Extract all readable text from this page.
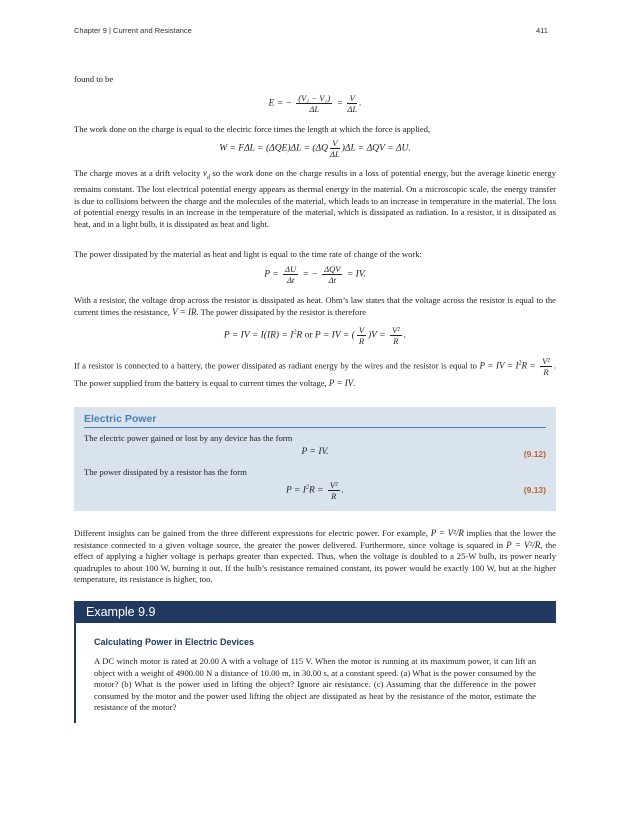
Chapter 9 | Current and Resistance	411
found to be
E = − $\frac{\text{(V₂ − V₁)}}{\Delta L} = \frac{V}{\Delta L}$ .
The work done on the charge is equal to the electric force times the length at which the force is applied,
$W = F\Delta L = (\Delta QE)\Delta L = (\Delta Q \frac{V}{\Delta L} )\Delta L = \Delta QV = \Delta U$.
The charge moves at a drift velocity $v_d$ so the work done on the charge results in a loss of potential energy, but the average kinetic energy remains constant. The lost electrical potential energy appears as thermal energy in the material. On a microscopic scale, the energy transfer is due to collisions between the charge and the molecules of the material, which leads to an increase in temperature in the material. The loss of potential energy results in an increase in the temperature of the material, which is dissipated as radiation. In a resistor, it is dissipated as heat, and in a light bulb, it is dissipated as heat and light.
The power dissipated by the material as heat and light is equal to the time rate of change of the work:
$P = \frac{\Delta U}{\Delta t}$ = − $\frac{\text{ΔQV}}{\Delta t}$ = IV.
With a resistor, the voltage drop across the resistor is dissipated as heat. Ohm’s law states that the voltage across the resistor is equal to the current times the resistance, V = IR. The power dissipated by the resistor is therefore
P = IV = $I(IR) = I^2R$ or P = IV = ( $\frac{V}{R} )V = \frac{\text{V²}}{R}$ .
If a resistor is connected to a battery, the power dissipated as radiant energy by the wires and the resistor is equal to P = IV = $I^2R = \frac{\text{V²}}{R}$ . The power supplied from the battery is equal to current times the voltage, P = IV.
Electric Power
The electric power gained or lost by any device has the form
P = IV.	(9.12)
The power dissipated by a resistor has the form
$P = I^2R = \frac{\text{V²}}{R}$ .	(9.13)
Different insights can be gained from the three different expressions for electric power. For example, P = V²/R implies that the lower the resistance connected to a given voltage source, the greater the power delivered. Furthermore, since voltage is squared in P = V²/R, the effect of applying a higher voltage is perhaps greater than expected. Thus, when the voltage is doubled to a 25-W bulb, its power nearly quadruples to about 100 W, burning it out. If the bulb’s resistance remained constant, its power would be exactly 100 W, but at the higher temperature, its resistance is higher, too.
Example 9.9
Calculating Power in Electric Devices
A DC winch motor is rated at 20.00 A with a voltage of 115 V. When the motor is running at its maximum power, it can lift an object with a weight of 4900.00 N a distance of 10.00 m, in 30.00 s, at a constant speed. (a) What is the power consumed by the motor? (b) What is the power used in lifting the object? Ignore air resistance. (c) Assuming that the difference in the power consumed by the motor and the power used lifting the object are dissipated as heat by the resistance of the motor, estimate the resistance of the motor?
